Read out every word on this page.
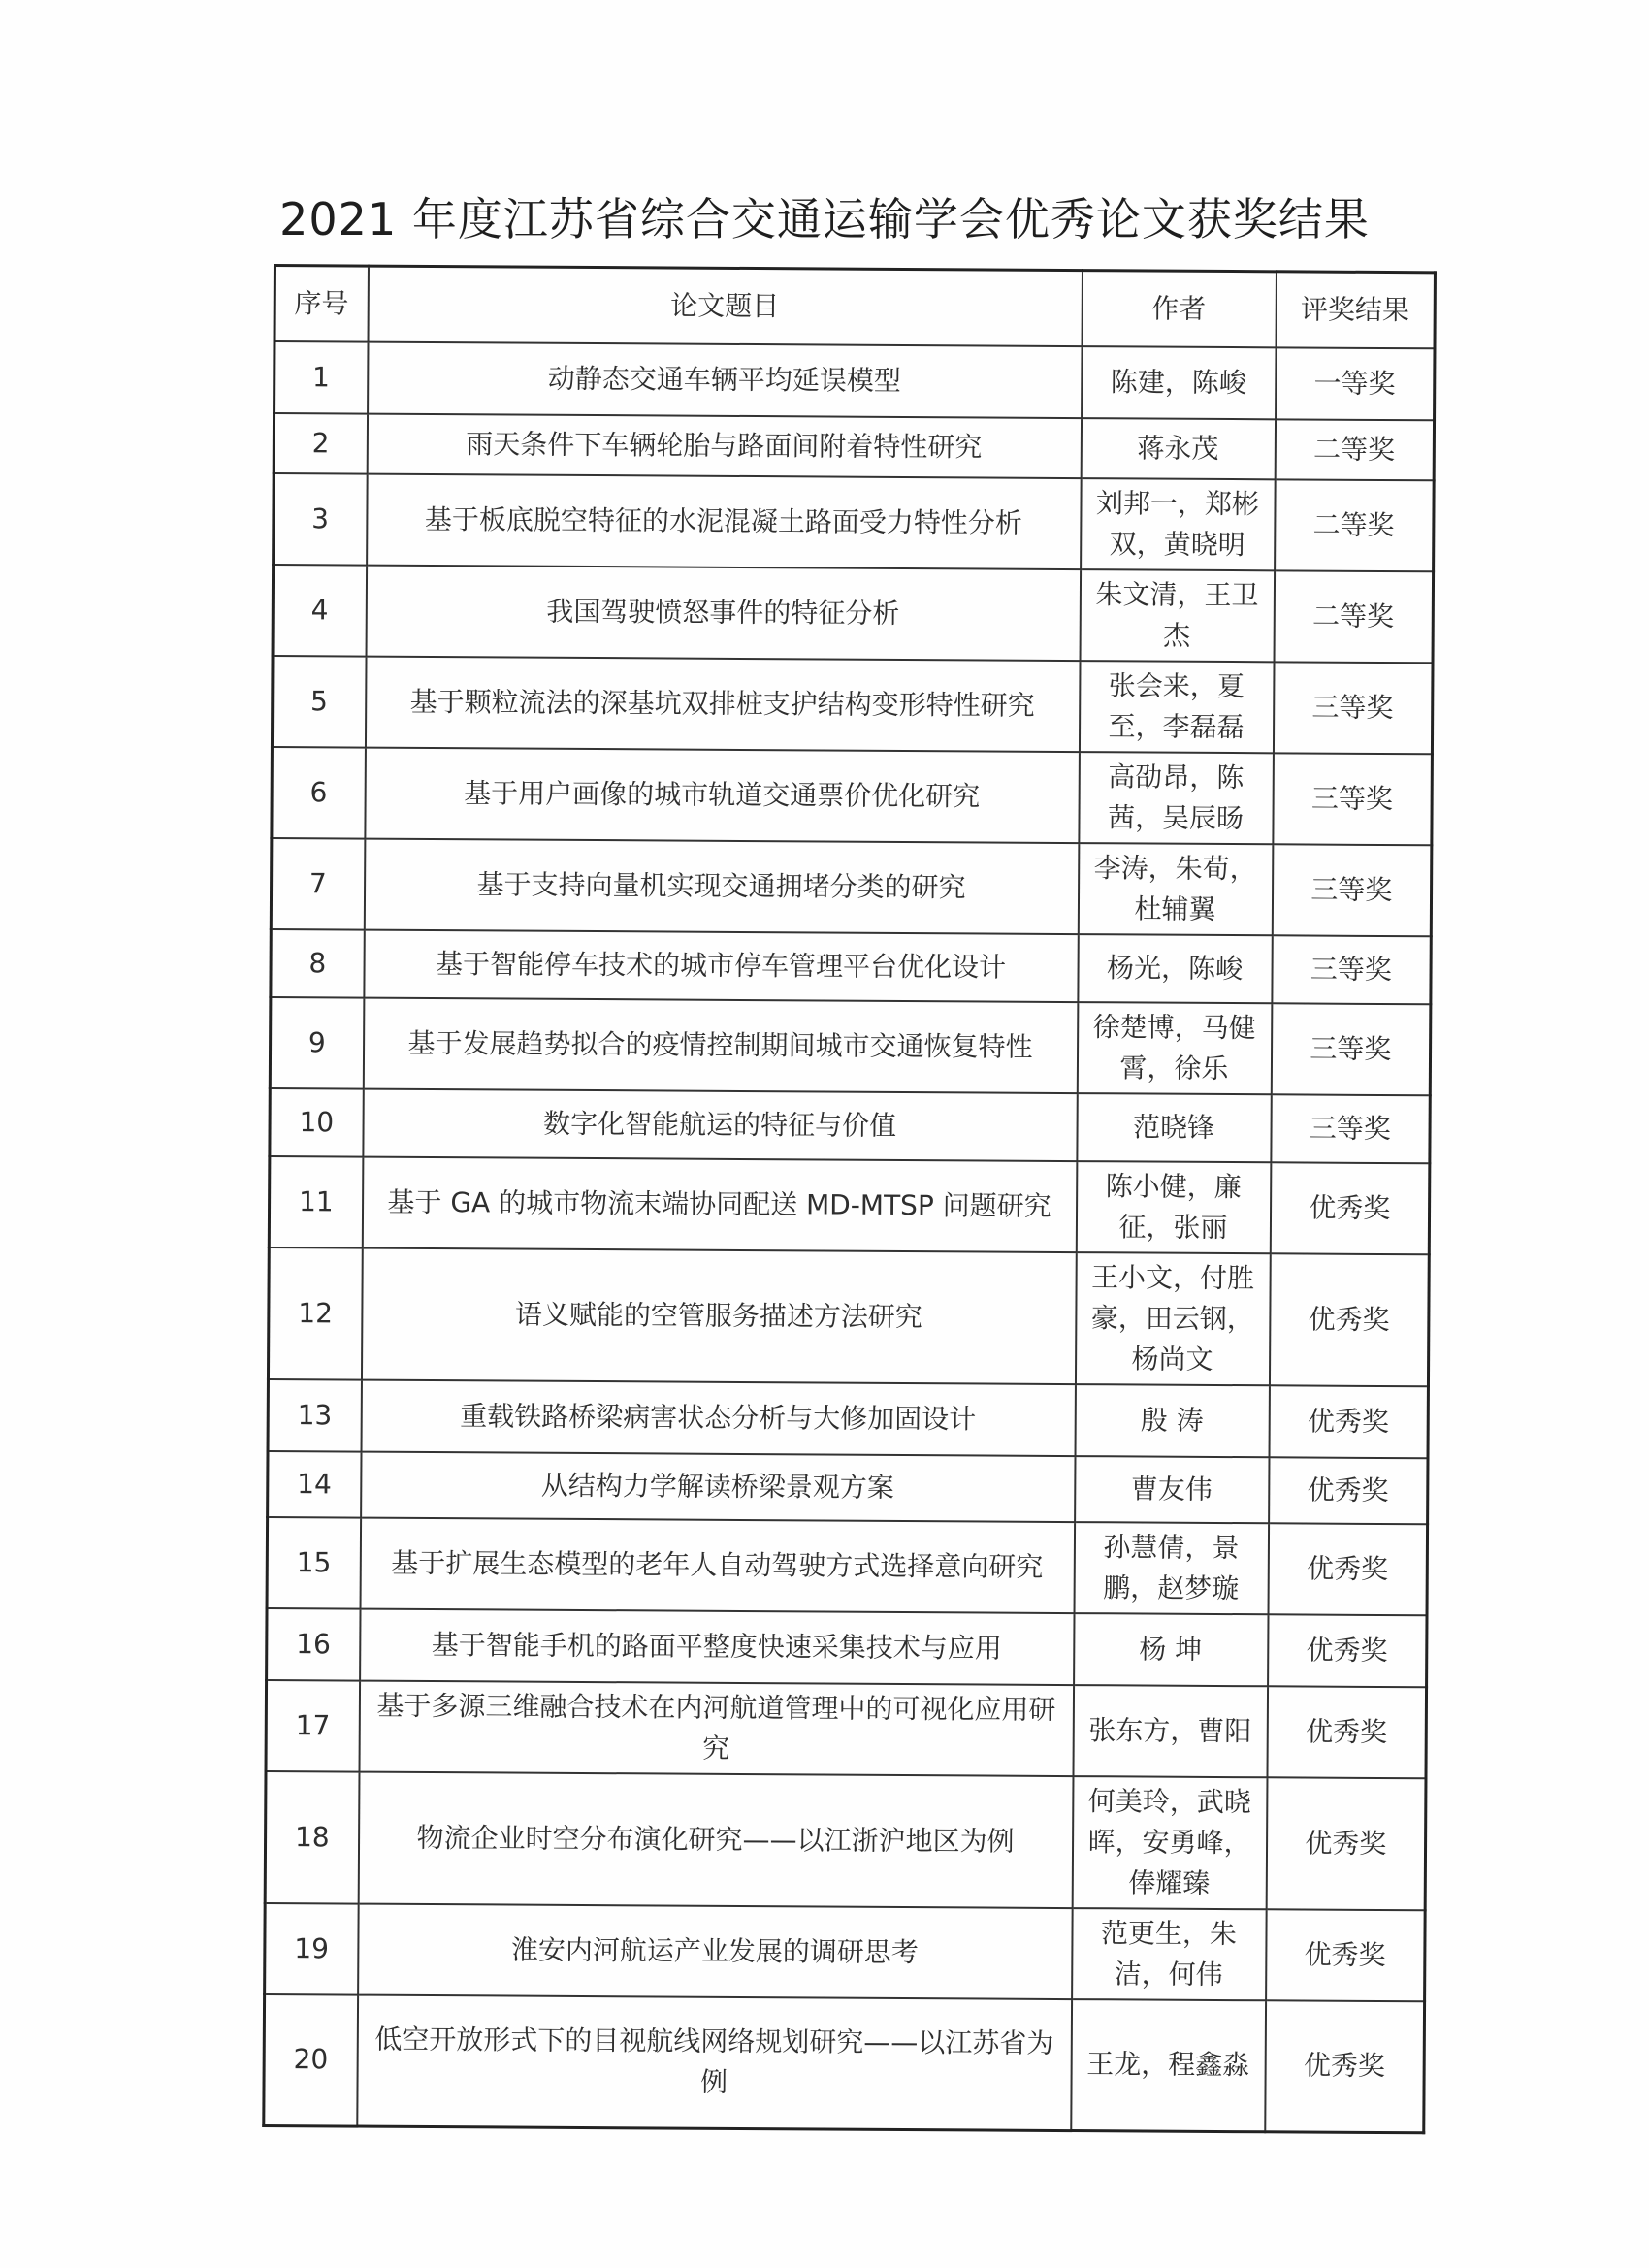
2021 年度江苏省综合交通运输学会优秀论文获奖结果
序号	论文题目	作者	评奖结果
1	动静态交通车辆平均延误模型	陈建，陈峻	一等奖
2	雨天条件下车辆轮胎与路面间附着特性研究	蒋永茂	二等奖
3	基于板底脱空特征的水泥混凝土路面受力特性分析	刘邦一，郑彬双，黄晓明	二等奖
4	我国驾驶愤怒事件的特征分析	朱文清，王卫杰	二等奖
5	基于颗粒流法的深基坑双排桩支护结构变形特性研究	张会来，夏至，李磊磊	三等奖
6	基于用户画像的城市轨道交通票价优化研究	高劭昂，陈茜，吴辰旸	三等奖
7	基于支持向量机实现交通拥堵分类的研究	李涛，朱荀，杜辅翼	三等奖
8	基于智能停车技术的城市停车管理平台优化设计	杨光，陈峻	三等奖
9	基于发展趋势拟合的疫情控制期间城市交通恢复特性	徐楚博，马健霄，徐乐	三等奖
10	数字化智能航运的特征与价值	范晓锋	三等奖
11	基于 GA 的城市物流末端协同配送 MD-MTSP 问题研究	陈小健，廉征，张丽	优秀奖
12	语义赋能的空管服务描述方法研究	王小文，付胜豪，田云钢，杨尚文	优秀奖
13	重载铁路桥梁病害状态分析与大修加固设计	殷 涛	优秀奖
14	从结构力学解读桥梁景观方案	曹友伟	优秀奖
15	基于扩展生态模型的老年人自动驾驶方式选择意向研究	孙慧倩，景鹏，赵梦璇	优秀奖
16	基于智能手机的路面平整度快速采集技术与应用	杨 坤	优秀奖
17	基于多源三维融合技术在内河航道管理中的可视化应用研究	张东方，曹阳	优秀奖
18	物流企业时空分布演化研究——以江浙沪地区为例	何美玲，武晓晖，安勇峰，俸耀臻	优秀奖
19	淮安内河航运产业发展的调研思考	范更生，朱洁，何伟	优秀奖
20	低空开放形式下的目视航线网络规划研究——以江苏省为例	王龙，程鑫淼	优秀奖
